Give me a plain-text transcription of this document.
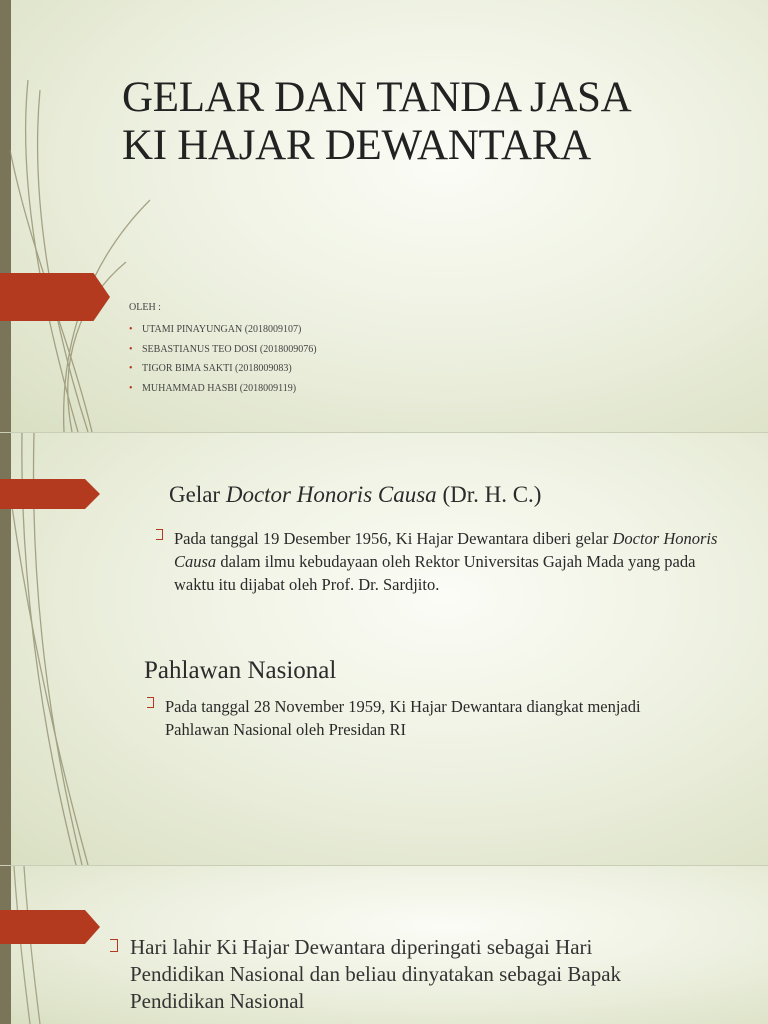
GELAR DAN TANDA JASA
KI HAJAR DEWANTARA
OLEH :
• UTAMI PINAYUNGAN (2018009107)
• SEBASTIANUS TEO DOSI (2018009076)
• TIGOR BIMA SAKTI (2018009083)
• MUHAMMAD HASBI (2018009119)
Gelar Doctor Honoris Causa (Dr. H. C.)

Pada tanggal 19 Desember 1956, Ki Hajar Dewantara diberi gelar Doctor Honoris Causa dalam ilmu kebudayaan oleh Rektor Universitas Gajah Mada yang pada waktu itu dijabat oleh Prof. Dr. Sardjito.

Pahlawan Nasional

Pada tanggal 28 November 1959, Ki Hajar Dewantara diangkat menjadi Pahlawan Nasional oleh Presidan RI

Hari lahir Ki Hajar Dewantara diperingati sebagai Hari Pendidikan Nasional dan beliau dinyatakan sebagai Bapak Pendidikan Nasional
